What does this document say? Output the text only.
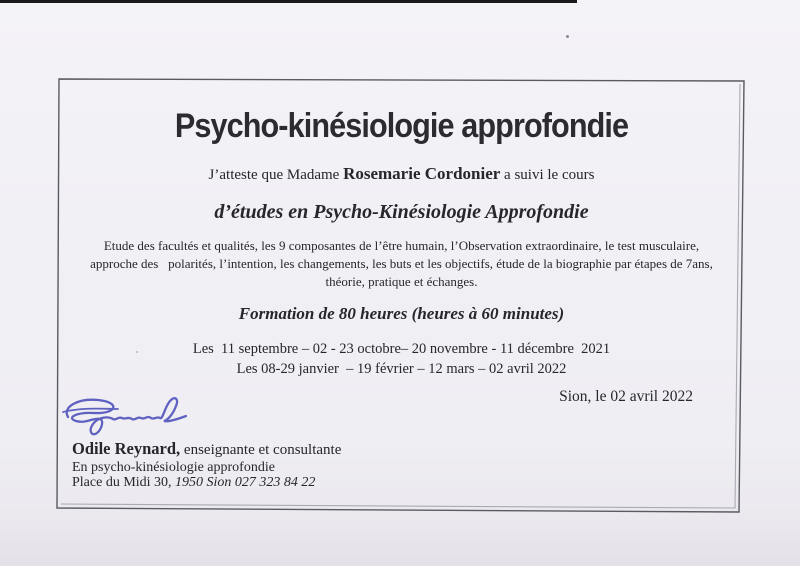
Psycho-kinésiologie approfondie

J’atteste que Madame Rosemarie Cordonier a suivi le cours

d’études en Psycho-Kinésiologie Approfondie

Etude des facultés et qualités, les 9 composantes de l’être humain, l’Observation extraordinaire, le test musculaire,
approche des   polarités, l’intention, les changements, les buts et les objectifs, étude de la biographie par étapes de 7ans,
théorie, pratique et échanges.

Formation de 80 heures (heures à 60 minutes)

Les  11 septembre – 02 - 23 octobre– 20 novembre - 11 décembre  2021
Les 08-29 janvier  – 19 février – 12 mars – 02 avril 2022

Sion, le 02 avril 2022

Odile Reynard, enseignante et consultante

En psycho-kinésiologie approfondie

Place du Midi 30, 1950 Sion 027 323 84 22
